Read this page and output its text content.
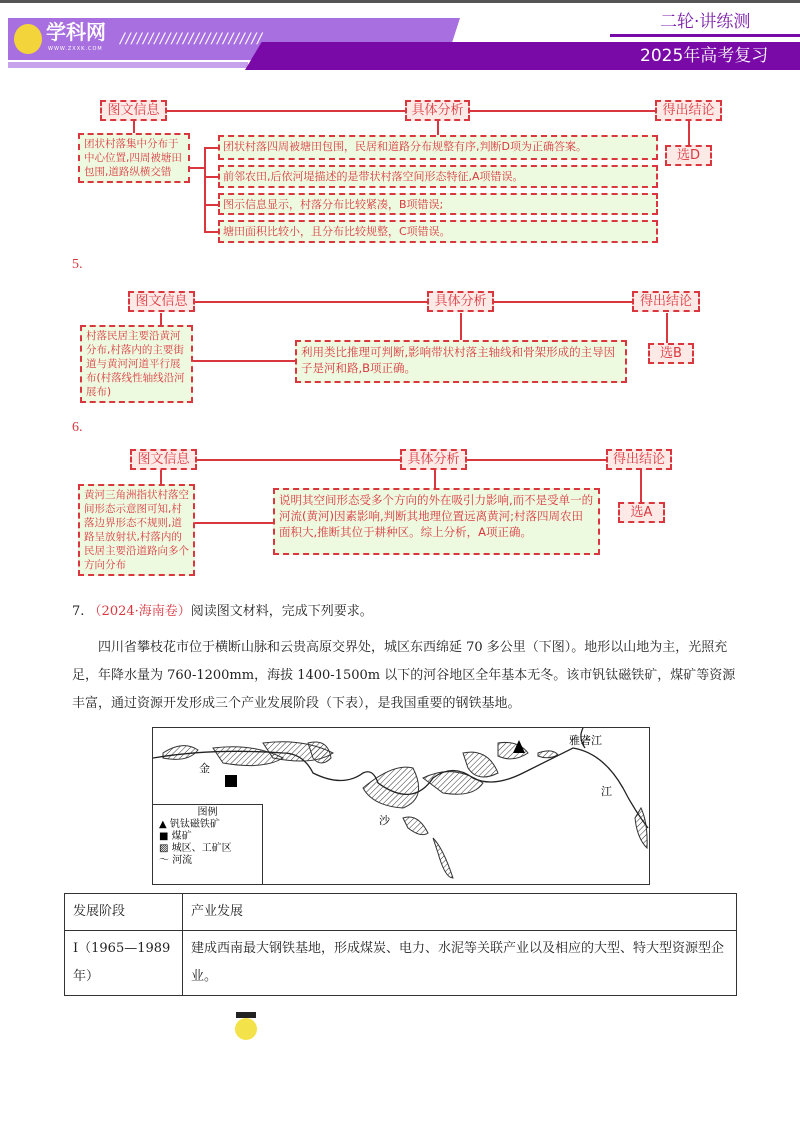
学科网
WWW.ZXXK.COM
/////////////////////////
二轮·讲练测
2025年高考复习
图文信息	具体分析	得出结论
团状村落集中分布于中心位置,四周被塘田包围,道路纵横交错
团状村落四周被塘田包围，民居和道路分布规整有序,判断D项为正确答案。
前邻农田,后依河堤描述的是带状村落空间形态特征,A项错误。
图示信息显示，村落分布比较紧凑，B项错误;
塘田面积比较小，且分布比较规整，C项错误。
选D
5.
图文信息	具体分析	得出结论
村落民居主要沿黄河分布,村落内的主要街道与黄河河道平行展布(村落线性轴线沿河展布)
利用类比推理可判断,影响带状村落主轴线和骨架形成的主导因子是河和路,B项正确。
选B
6.
图文信息	具体分析	得出结论
黄河三角洲指状村落空间形态示意图可知,村落边界形态不规则,道路呈放射状,村落内的民居主要沿道路向多个方向分布
说明其空间形态受多个方向的外在吸引力影响,而不是受单一的河流(黄河)因素影响,判断其地理位置远离黄河;村落四周农田面积大,推断其位于耕种区。综上分析，A项正确。
选A
7. （2024·海南卷）阅读图文材料，完成下列要求。
四川省攀枝花市位于横断山脉和云贵高原交界处，城区东西绵延 70 多公里（下图）。地形以山地为主，光照充足，年降水量为 760-1200mm，海拔 1400-1500m 以下的河谷地区全年基本无冬。该市钒钛磁铁矿，煤矿等资源丰富，通过资源开发形成三个产业发展阶段（下表），是我国重要的钢铁基地。
金
沙
江
雅砻江
图例
▲ 钒钛磁铁矿
■ 煤矿
▨ 城区、工矿区
〜 河流
发展阶段	产业发展
I（1965—1989年）	建成西南最大钢铁基地，形成煤炭、电力、水泥等关联产业以及相应的大型、特大型资源型企业。
